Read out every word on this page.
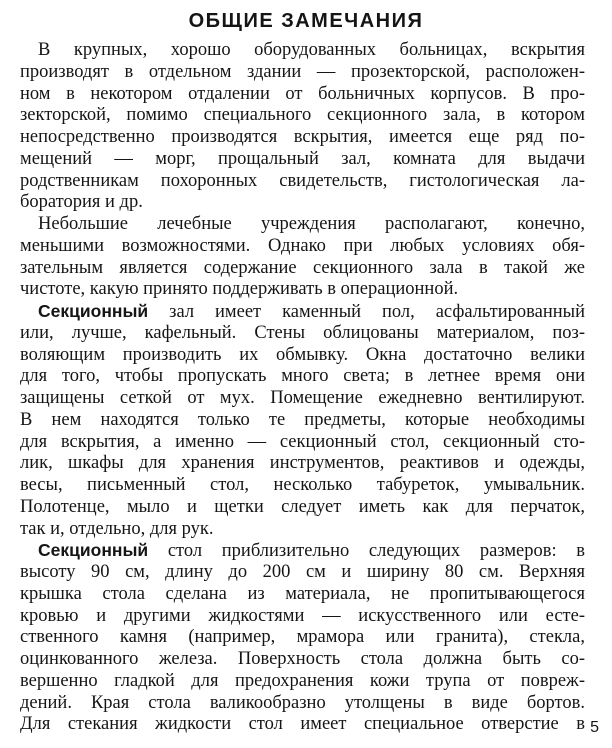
ОБЩИЕ ЗАМЕЧАНИЯ
В крупных, хорошо оборудованных больницах, вскрытия
производят в отдельном здании — прозекторской, расположен-
ном в некотором отдалении от больничных корпусов. В про-
зекторской, помимо специального секционного зала, в котором
непосредственно производятся вскрытия, имеется еще ряд по-
мещений — морг, прощальный зал, комната для выдачи
родственникам похоронных свидетельств, гистологическая ла-
боратория и др.
Небольшие лечебные учреждения располагают, конечно,
меньшими возможностями. Однако при любых условиях обя-
зательным является содержание секционного зала в такой же
чистоте, какую принято поддерживать в операционной.
Секционный зал имеет каменный пол, асфальтированный
или, лучше, кафельный. Стены облицованы материалом, поз-
воляющим производить их обмывку. Окна достаточно велики
для того, чтобы пропускать много света; в летнее время они
защищены сеткой от мух. Помещение ежедневно вентилируют.
В нем находятся только те предметы, которые необходимы
для вскрытия, а именно — секционный стол, секционный сто-
лик, шкафы для хранения инструментов, реактивов и одежды,
весы, письменный стол, несколько табуреток, умывальник.
Полотенце, мыло и щетки следует иметь как для перчаток,
так и, отдельно, для рук.
Секционный стол приблизительно следующих размеров: в
высоту 90 см, длину до 200 см и ширину 80 см. Верхняя
крышка стола сделана из материала, не пропитывающегося
кровью и другими жидкостями — искусственного или есте-
ственного камня (например, мрамора или гранита), стекла,
оцинкованного железа. Поверхность стола должна быть со-
вершенно гладкой для предохранения кожи трупа от повреж-
дений. Края стола валикообразно утолщены в виде бортов.
Для стекания жидкости стол имеет специальное отверстие в 5
